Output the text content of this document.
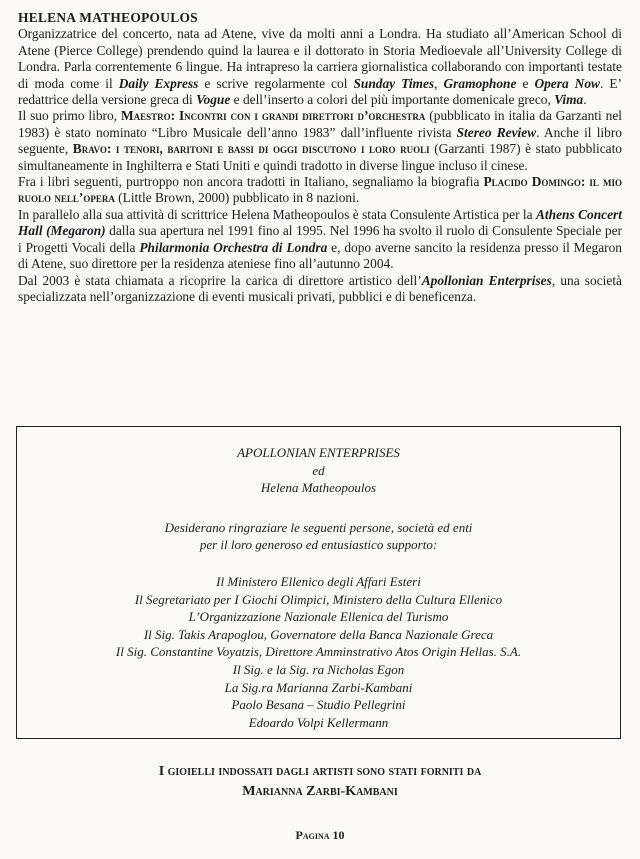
HELENA MATHEOPOULOS

Organizzatrice del concerto, nata ad Atene, vive da molti anni a Londra. Ha studiato all’American School di Atene (Pierce College) prendendo quind la laurea e il dottorato in Storia Medioevale all’University College di Londra. Parla correntemente 6 lingue. Ha intrapreso la carriera giornalistica collaborando con importanti testate di moda come il Daily Express e scrive regolarmente col Sunday Times, Gramophone e Opera Now. E’ redattrice della versione greca di Vogue e dell’inserto a colori del più importante domenicale greco, Vima.

Il suo primo libro, Maestro: Incontri con i grandi direttori d’orchestra (pubblicato in italia da Garzanti nel 1983) è stato nominato “Libro Musicale dell’anno 1983” dall’influente rivista Stereo Review. Anche il libro seguente, Bravo: i tenori, baritoni e bassi di oggi discutono i loro ruoli (Garzanti 1987) è stato pubblicato simultaneamente in Inghilterra e Stati Uniti e quindi tradotto in diverse lingue incluso il cinese.

Fra i libri seguenti, purtroppo non ancora tradotti in Italiano, segnaliamo la biografia Placido Domingo: il mio ruolo nell’opera (Little Brown, 2000) pubblicato in 8 nazioni.

In parallelo alla sua attività di scrittrice Helena Matheopoulos è stata Consulente Artistica per la Athens Concert Hall (Megaron) dalla sua apertura nel 1991 fino al 1995. Nel 1996 ha svolto il ruolo di Consulente Speciale per i Progetti Vocali della Philarmonia Orchestra di Londra e, dopo averne sancito la residenza presso il Megaron di Atene, suo direttore per la residenza ateniese fino all’autunno 2004.

Dal 2003 è stata chiamata a ricoprire la carica di direttore artistico dell’Apollonian Enterprises, una società specializzata nell’organizzazione di eventi musicali privati, pubblici e di beneficenza.

APOLLONIAN ENTERPRISES
ed
Helena Matheopoulos
Desiderano ringraziare le seguenti persone, società ed enti
per il loro generoso ed entusiastico supporto:
Il Ministero Ellenico degli Affari Esteri
Il Segretariato per I Giochi Olimpici, Ministero della Cultura Ellenico
L’Organizzazione Nazionale Ellenica del Turismo
Il Sig. Takis Arapoglou, Governatore della Banca Nazionale Greca
Il Sig. Constantine Voyatzis, Direttore Amminstrativo Atos Origin Hellas. S.A.
Il Sig. e la Sig. ra Nicholas Egon
La Sig.ra Marianna Zarbi-Kambani
Paolo Besana – Studio Pellegrini
Edoardo Volpi Kellermann
I gioielli indossati dagli artisti sono stati forniti da
Marianna Zarbi-Kambani
Pagina 10
